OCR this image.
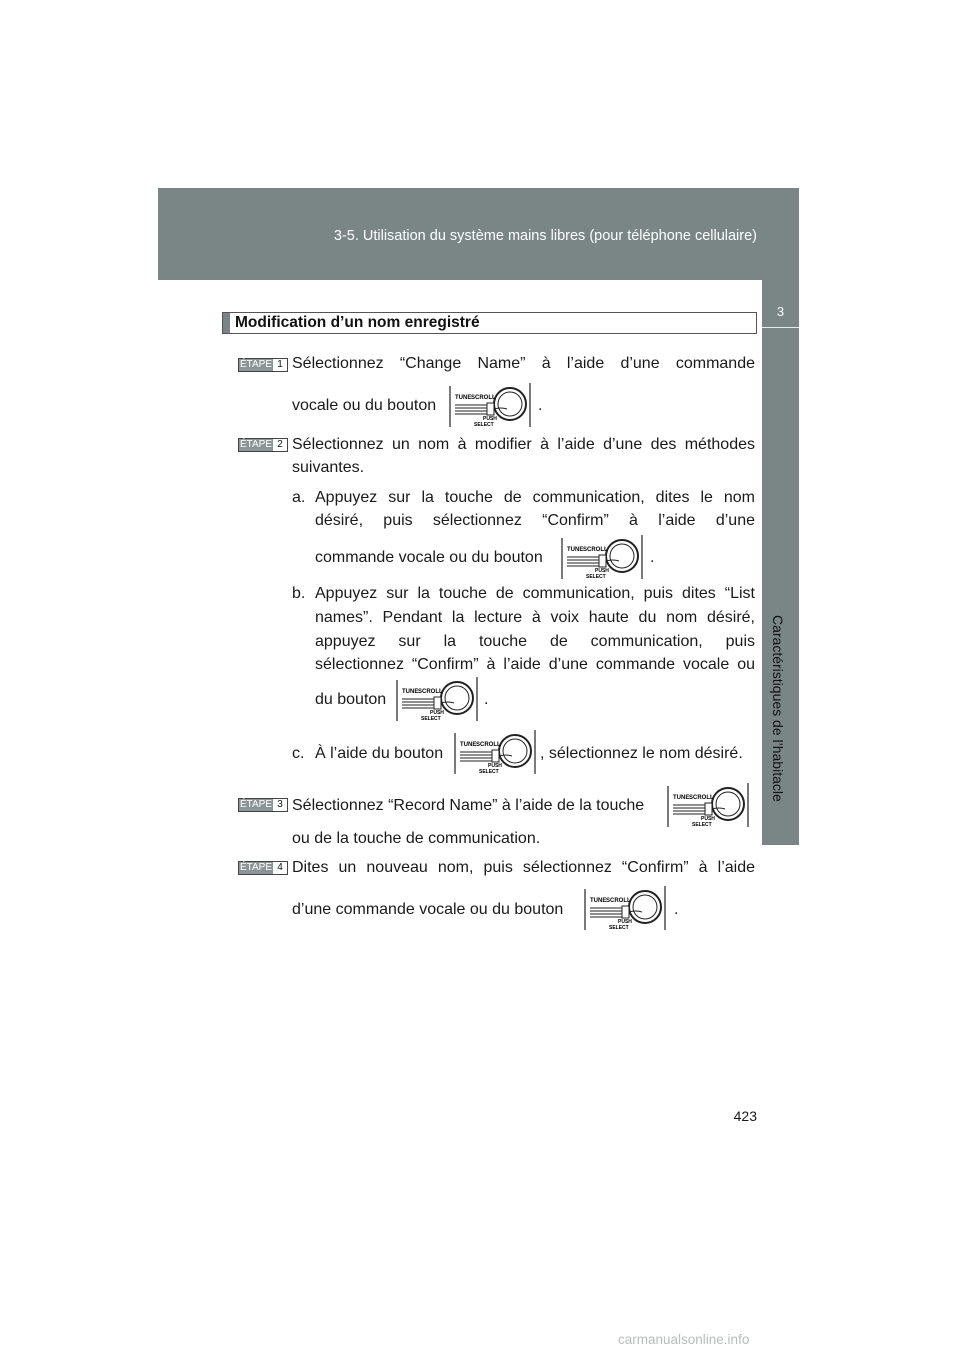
3-5. Utilisation du système mains libres (pour téléphone cellulaire)
3
Caractéristiques de l’habitacle
Modification d’un nom enregistré
ÉTAPE 1 Sélectionnez “Change Name” à l’aide d’une commande
vocale ou du bouton	TUNE SCROLL
PUSH
SELECT
.
ÉTAPE 2 Sélectionnez un nom à modifier à l’aide d’une des méthodes
suivantes.
a. Appuyez sur la touche de communication, dites le nom
désiré, puis sélectionnez “Confirm” à l’aide d’une
commande vocale ou du bouton	TUNE SCROLL
PUSH
SELECT
.
b. Appuyez sur la touche de communication, puis dites “List
names”. Pendant la lecture à voix haute du nom désiré,
appuyez sur la touche de communication, puis
sélectionnez “Confirm” à l’aide d’une commande vocale ou
du bouton	TUNE SCROLL
PUSH
SELECT
.
c. À l’aide du bouton	TUNE SCROLL
PUSH
SELECT
, sélectionnez le nom désiré.
ÉTAPE 3 Sélectionnez “Record Name” à l’aide de la touche	TUNE SCROLL
PUSH
SELECT
ou de la touche de communication.
ÉTAPE 4 Dites un nouveau nom, puis sélectionnez “Confirm” à l’aide
d’une commande vocale ou du bouton	TUNE SCROLL
PUSH
SELECT
.
423
carmanualsonline.info
